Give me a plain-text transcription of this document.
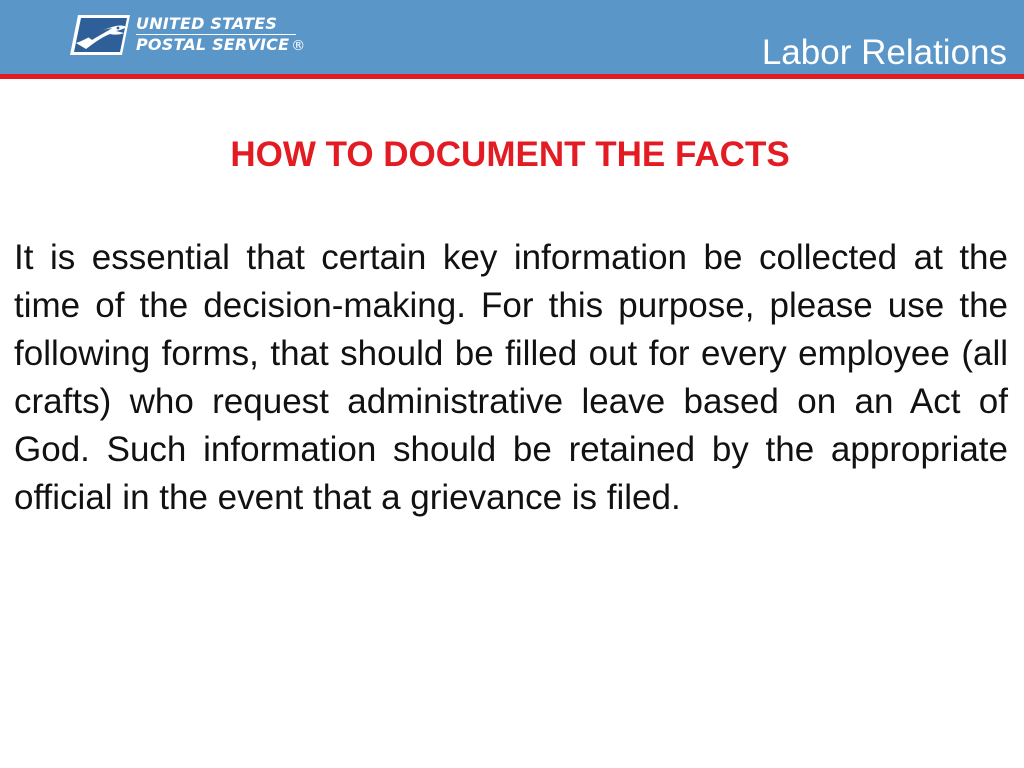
UNITED STATES
POSTAL SERVICE ®	Labor Relations
HOW TO DOCUMENT THE FACTS

It is essential that certain key information be collected at the time of the decision-making. For this purpose, please use the following forms, that should be filled out for every employee (all crafts) who request administrative leave based on an Act of God. Such information should be retained by the appropriate official in the event that a grievance is filed.
